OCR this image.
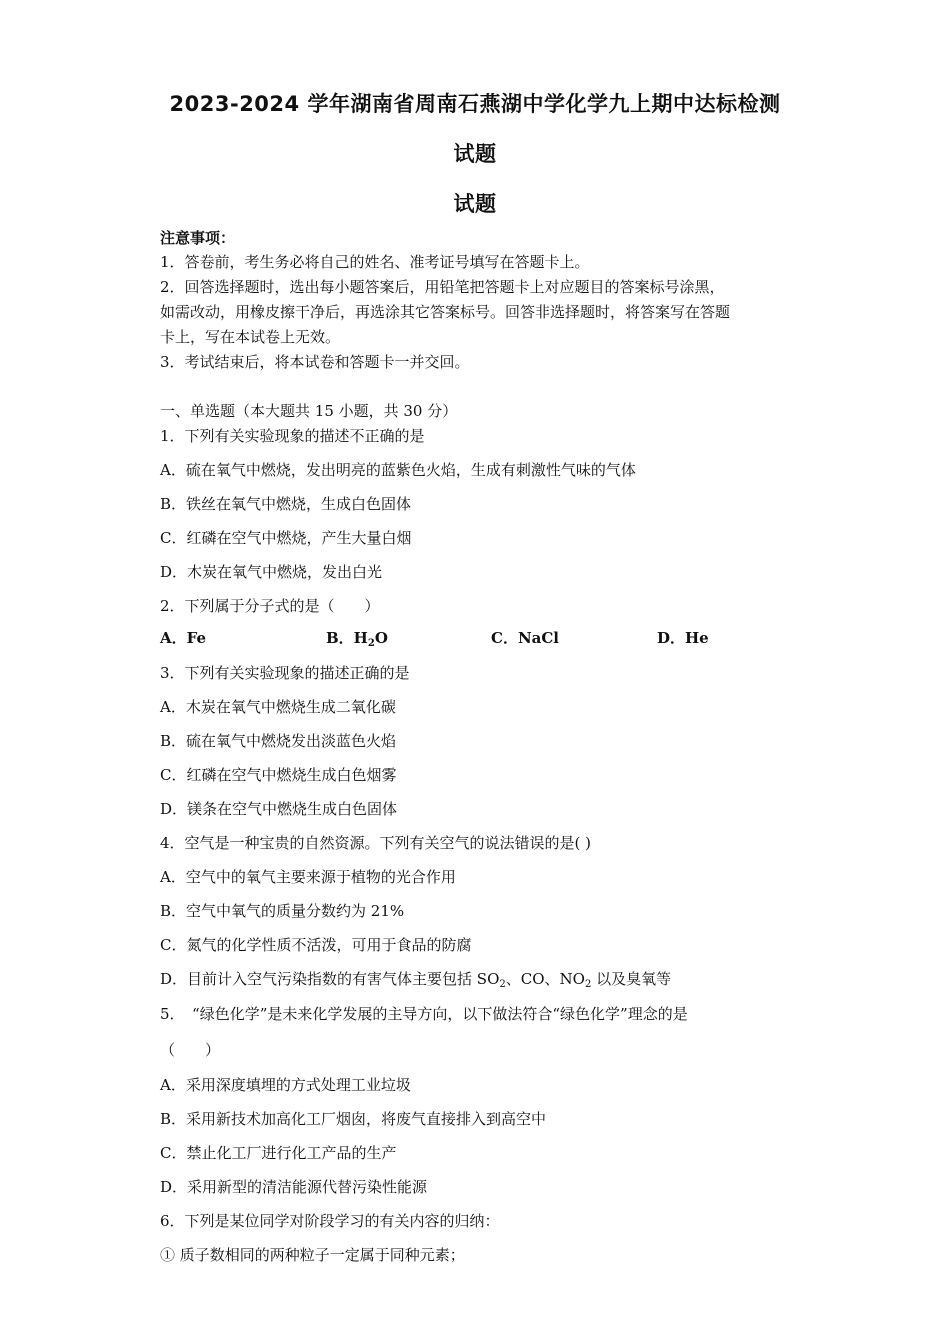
2023-2024 学年湖南省周南石燕湖中学化学九上期中达标检测
试题
试题
注意事项：
1．答卷前，考生务必将自己的姓名、准考证号填写在答题卡上。
2．回答选择题时，选出每小题答案后，用铅笔把答题卡上对应题目的答案标号涂黑，
如需改动，用橡皮擦干净后，再选涂其它答案标号。回答非选择题时，将答案写在答题
卡上，写在本试卷上无效。
3．考试结束后，将本试卷和答题卡一并交回。
一、单选题（本大题共 15 小题，共 30 分）
1．下列有关实验现象的描述不正确的是
A．硫在氧气中燃烧，发出明亮的蓝紫色火焰，生成有刺激性气味的气体
B．铁丝在氧气中燃烧，生成白色固体
C．红磷在空气中燃烧，产生大量白烟
D．木炭在氧气中燃烧，发出白光
2．下列属于分子式的是（　　）
A．Fe	B．$H_2O$	C．NaCl	D．He
3．下列有关实验现象的描述正确的是
A．木炭在氧气中燃烧生成二氧化碳
B．硫在氧气中燃烧发出淡蓝色火焰
C．红磷在空气中燃烧生成白色烟雾
D．镁条在空气中燃烧生成白色固体
4．空气是一种宝贵的自然资源。下列有关空气的说法错误的是( )
A．空气中的氧气主要来源于植物的光合作用
B．空气中氧气的质量分数约为 21%
C．氮气的化学性质不活泼，可用于食品的防腐
D．目前计入空气污染指数的有害气体主要包括 $SO_2$、CO、$NO_2$ 以及臭氧等
5．　“绿色化学”是未来化学发展的主导方向，以下做法符合“绿色化学”理念的是
（　　）
A．采用深度填埋的方式处理工业垃圾
B．采用新技术加高化工厂烟囱，将废气直接排入到高空中
C．禁止化工厂进行化工产品的生产
D．采用新型的清洁能源代替污染性能源
6．下列是某位同学对阶段学习的有关内容的归纳：
① 质子数相同的两种粒子一定属于同种元素；
